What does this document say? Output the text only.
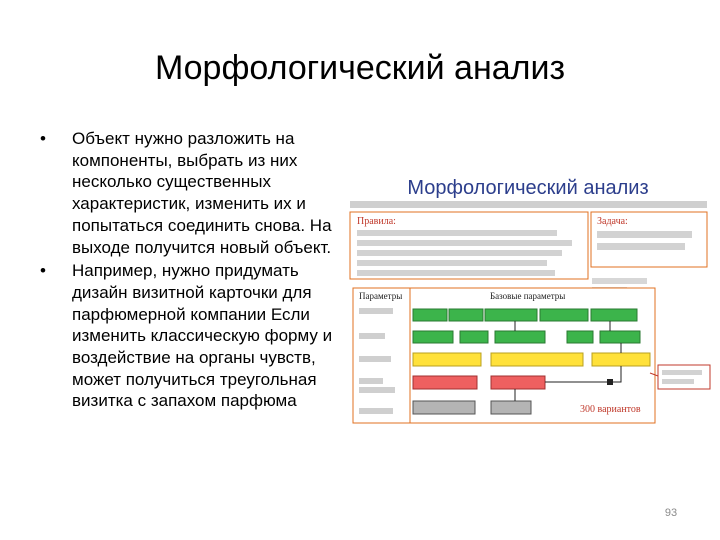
Морфологический анализ
• Объект нужно разложить на компоненты, выбрать из них несколько существенных характеристик, изменить их и попытаться соединить снова. На выходе получится новый объект.
• Например, нужно придумать дизайн визитной карточки для парфюмерной компании Если изменить классическую форму и воздействие на органы чувств, может получиться треугольная визитка с запахом парфюма
Морфологический анализ
Правила:	Задача:
Параметры	Базовые параметры
300 вариантов
93
